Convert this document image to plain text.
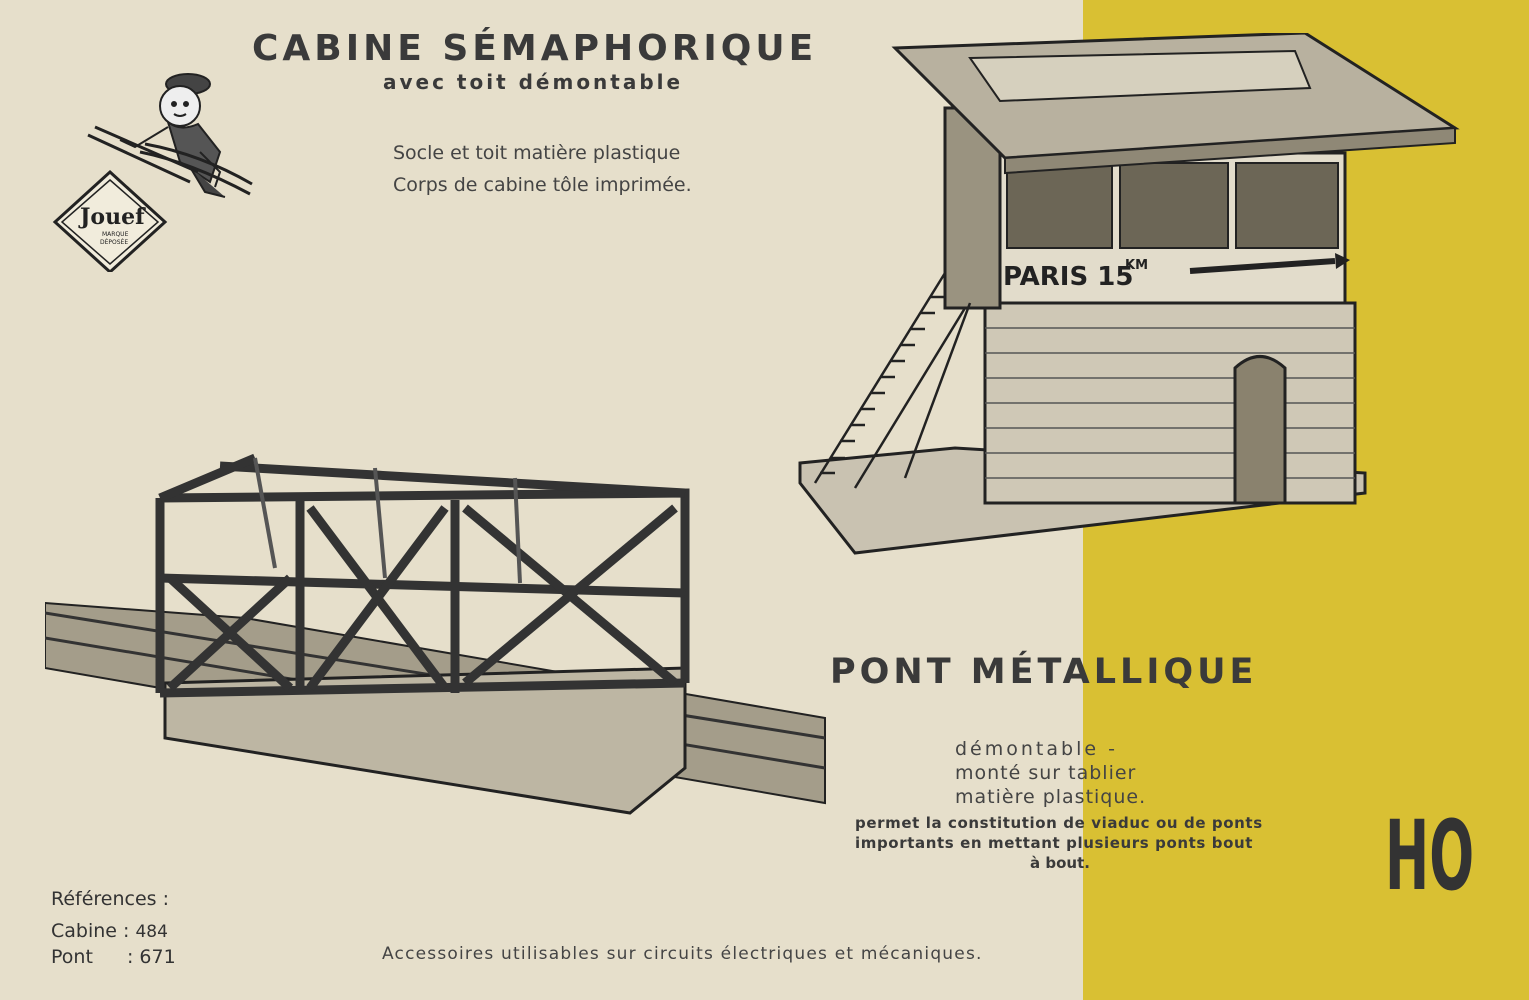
Jouef
MARQUE
DÉPOSÉE
CABINE SÉMAPHORIQUE
avec toit démontable
Socle et toit matière plastique
Corps de cabine tôle imprimée.
PARIS 15
KM
PONT MÉTALLIQUE
démontable -
monté sur tablier
matière plastique.
permet la constitution de viaduc ou de ponts
importants en mettant plusieurs ponts bout
à bout.
Références :
Cabine : 484
Pont : 671	Accessoires utilisables sur circuits électriques et mécaniques.
HO
